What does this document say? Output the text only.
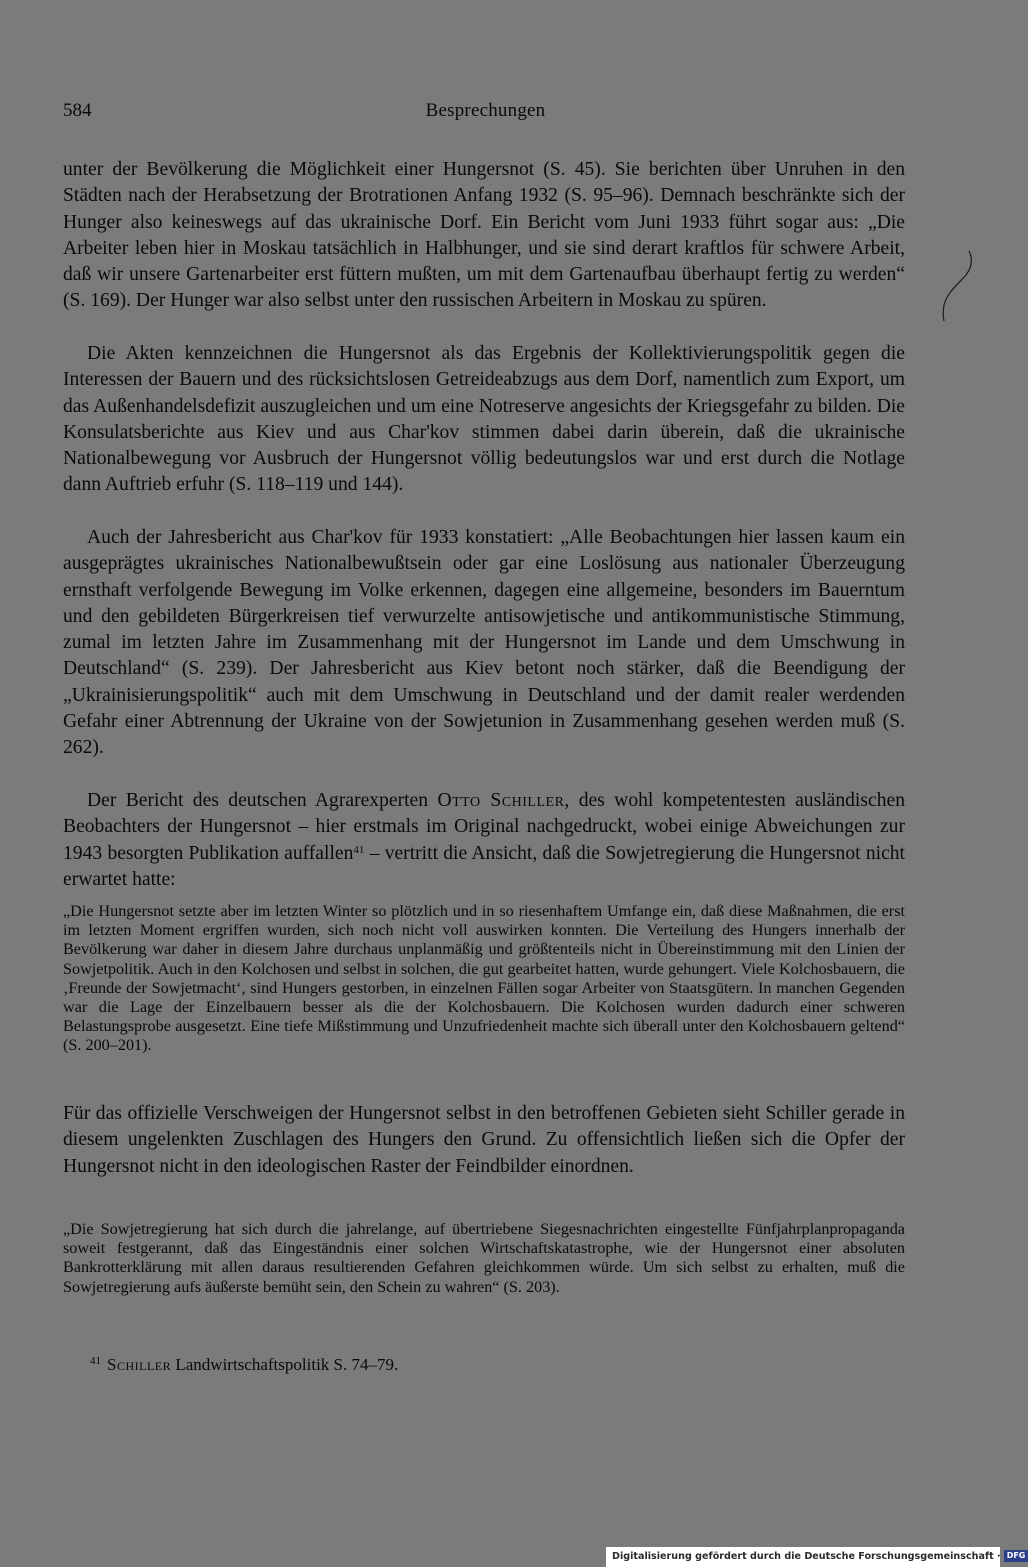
584	Besprechungen

unter der Bevölkerung die Möglichkeit einer Hungersnot (S. 45). Sie berichten über Unruhen in den Städten nach der Herabsetzung der Brotrationen Anfang 1932 (S. 95–96). Demnach beschränkte sich der Hunger also keineswegs auf das ukrainische Dorf. Ein Bericht vom Juni 1933 führt sogar aus: „Die Arbeiter leben hier in Moskau tatsächlich in Halbhunger, und sie sind derart kraftlos für schwere Arbeit, daß wir unsere Gartenarbeiter erst füttern mußten, um mit dem Gartenaufbau überhaupt fertig zu werden“ (S. 169). Der Hunger war also selbst unter den russischen Arbeitern in Moskau zu spüren.

Die Akten kennzeichnen die Hungersnot als das Ergebnis der Kollektivierungspolitik gegen die Interessen der Bauern und des rücksichtslosen Getreideabzugs aus dem Dorf, namentlich zum Export, um das Außenhandelsdefizit auszugleichen und um eine Notreserve angesichts der Kriegsgefahr zu bilden. Die Konsulatsberichte aus Kiev und aus Char'kov stimmen dabei darin überein, daß die ukrainische Nationalbewegung vor Ausbruch der Hungersnot völlig bedeutungslos war und erst durch die Notlage dann Auftrieb erfuhr (S. 118–119 und 144).

Auch der Jahresbericht aus Char'kov für 1933 konstatiert: „Alle Beobachtungen hier lassen kaum ein ausgeprägtes ukrainisches Nationalbewußtsein oder gar eine Loslösung aus nationaler Überzeugung ernsthaft verfolgende Bewegung im Volke erkennen, dagegen eine allgemeine, besonders im Bauerntum und den gebildeten Bürgerkreisen tief verwurzelte antisowjetische und antikommunistische Stimmung, zumal im letzten Jahre im Zusammenhang mit der Hungersnot im Lande und dem Umschwung in Deutschland“ (S. 239). Der Jahresbericht aus Kiev betont noch stärker, daß die Beendigung der „Ukrainisierungspolitik“ auch mit dem Umschwung in Deutschland und der damit realer werdenden Gefahr einer Abtrennung der Ukraine von der Sowjetunion in Zusammenhang gesehen werden muß (S. 262).

Der Bericht des deutschen Agrarexperten Otto Schiller, des wohl kompetentesten ausländischen Beobachters der Hungersnot – hier erstmals im Original nachgedruckt, wobei einige Abweichungen zur 1943 besorgten Publikation auffallen$^{41}$ – vertritt die Ansicht, daß die Sowjetregierung die Hungersnot nicht erwartet hatte:

„Die Hungersnot setzte aber im letzten Winter so plötzlich und in so riesenhaftem Umfange ein, daß diese Maßnahmen, die erst im letzten Moment ergriffen wurden, sich noch nicht voll auswirken konnten. Die Verteilung des Hungers innerhalb der Bevölkerung war daher in diesem Jahre durchaus unplanmäßig und größtenteils nicht in Übereinstimmung mit den Linien der Sowjetpolitik. Auch in den Kolchosen und selbst in solchen, die gut gearbeitet hatten, wurde gehungert. Viele Kolchosbauern, die ‚Freunde der Sowjetmacht‘, sind Hungers gestorben, in einzelnen Fällen sogar Arbeiter von Staatsgütern. In manchen Gegenden war die Lage der Einzelbauern besser als die der Kolchosbauern. Die Kolchosen wurden dadurch einer schweren Belastungsprobe ausgesetzt. Eine tiefe Mißstimmung und Unzufriedenheit machte sich überall unter den Kolchosbauern geltend“ (S. 200–201).

Für das offizielle Verschweigen der Hungersnot selbst in den betroffenen Gebieten sieht Schiller gerade in diesem ungelenkten Zuschlagen des Hungers den Grund. Zu offensichtlich ließen sich die Opfer der Hungersnot nicht in den ideologischen Raster der Feindbilder einordnen.

„Die Sowjetregierung hat sich durch die jahrelange, auf übertriebene Siegesnachrichten eingestellte Fünfjahrplanpropaganda soweit festgerannt, daß das Eingeständnis einer solchen Wirtschaftskatastrophe, wie der Hungersnot einer absoluten Bankrotterklärung mit allen daraus resultierenden Gefahren gleichkommen würde. Um sich selbst zu erhalten, muß die Sowjetregierung aufs äußerste bemüht sein, den Schein zu wahren“ (S. 203).

$^{41}$ Schiller Landwirtschaftspolitik S. 74–79.
Digitalisierung gefördert durch die Deutsche Forschungsgemeinschaft · DFG
